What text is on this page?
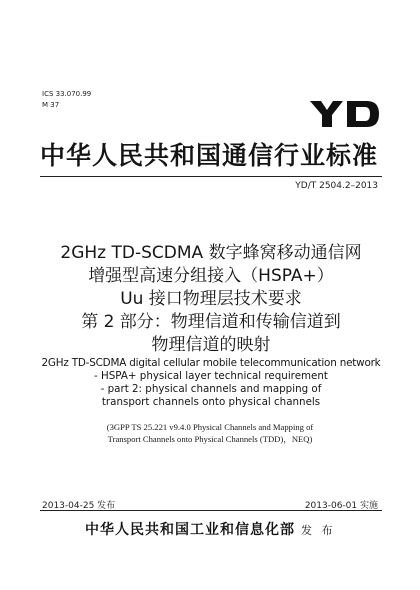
ICS 33.070.99
M 37
中华人民共和国通信行业标准
YD/T 2504.2–2013
2GHz TD-SCDMA 数字蜂窝移动通信网
增强型高速分组接入（HSPA+）
Uu 接口物理层技术要求
第 2 部分：物理信道和传输信道到
物理信道的映射
2GHz TD-SCDMA digital cellular mobile telecommunication network
- HSPA+ physical layer technical requirement
- part 2: physical channels and mapping of
transport channels onto physical channels
(3GPP TS 25.221 v9.4.0 Physical Channels and Mapping of
Transport Channels onto Physical Channels (TDD)，NEQ)
2013-04-25 发布	2013-06-01 实施
中华人民共和国工业和信息化部 发 布
